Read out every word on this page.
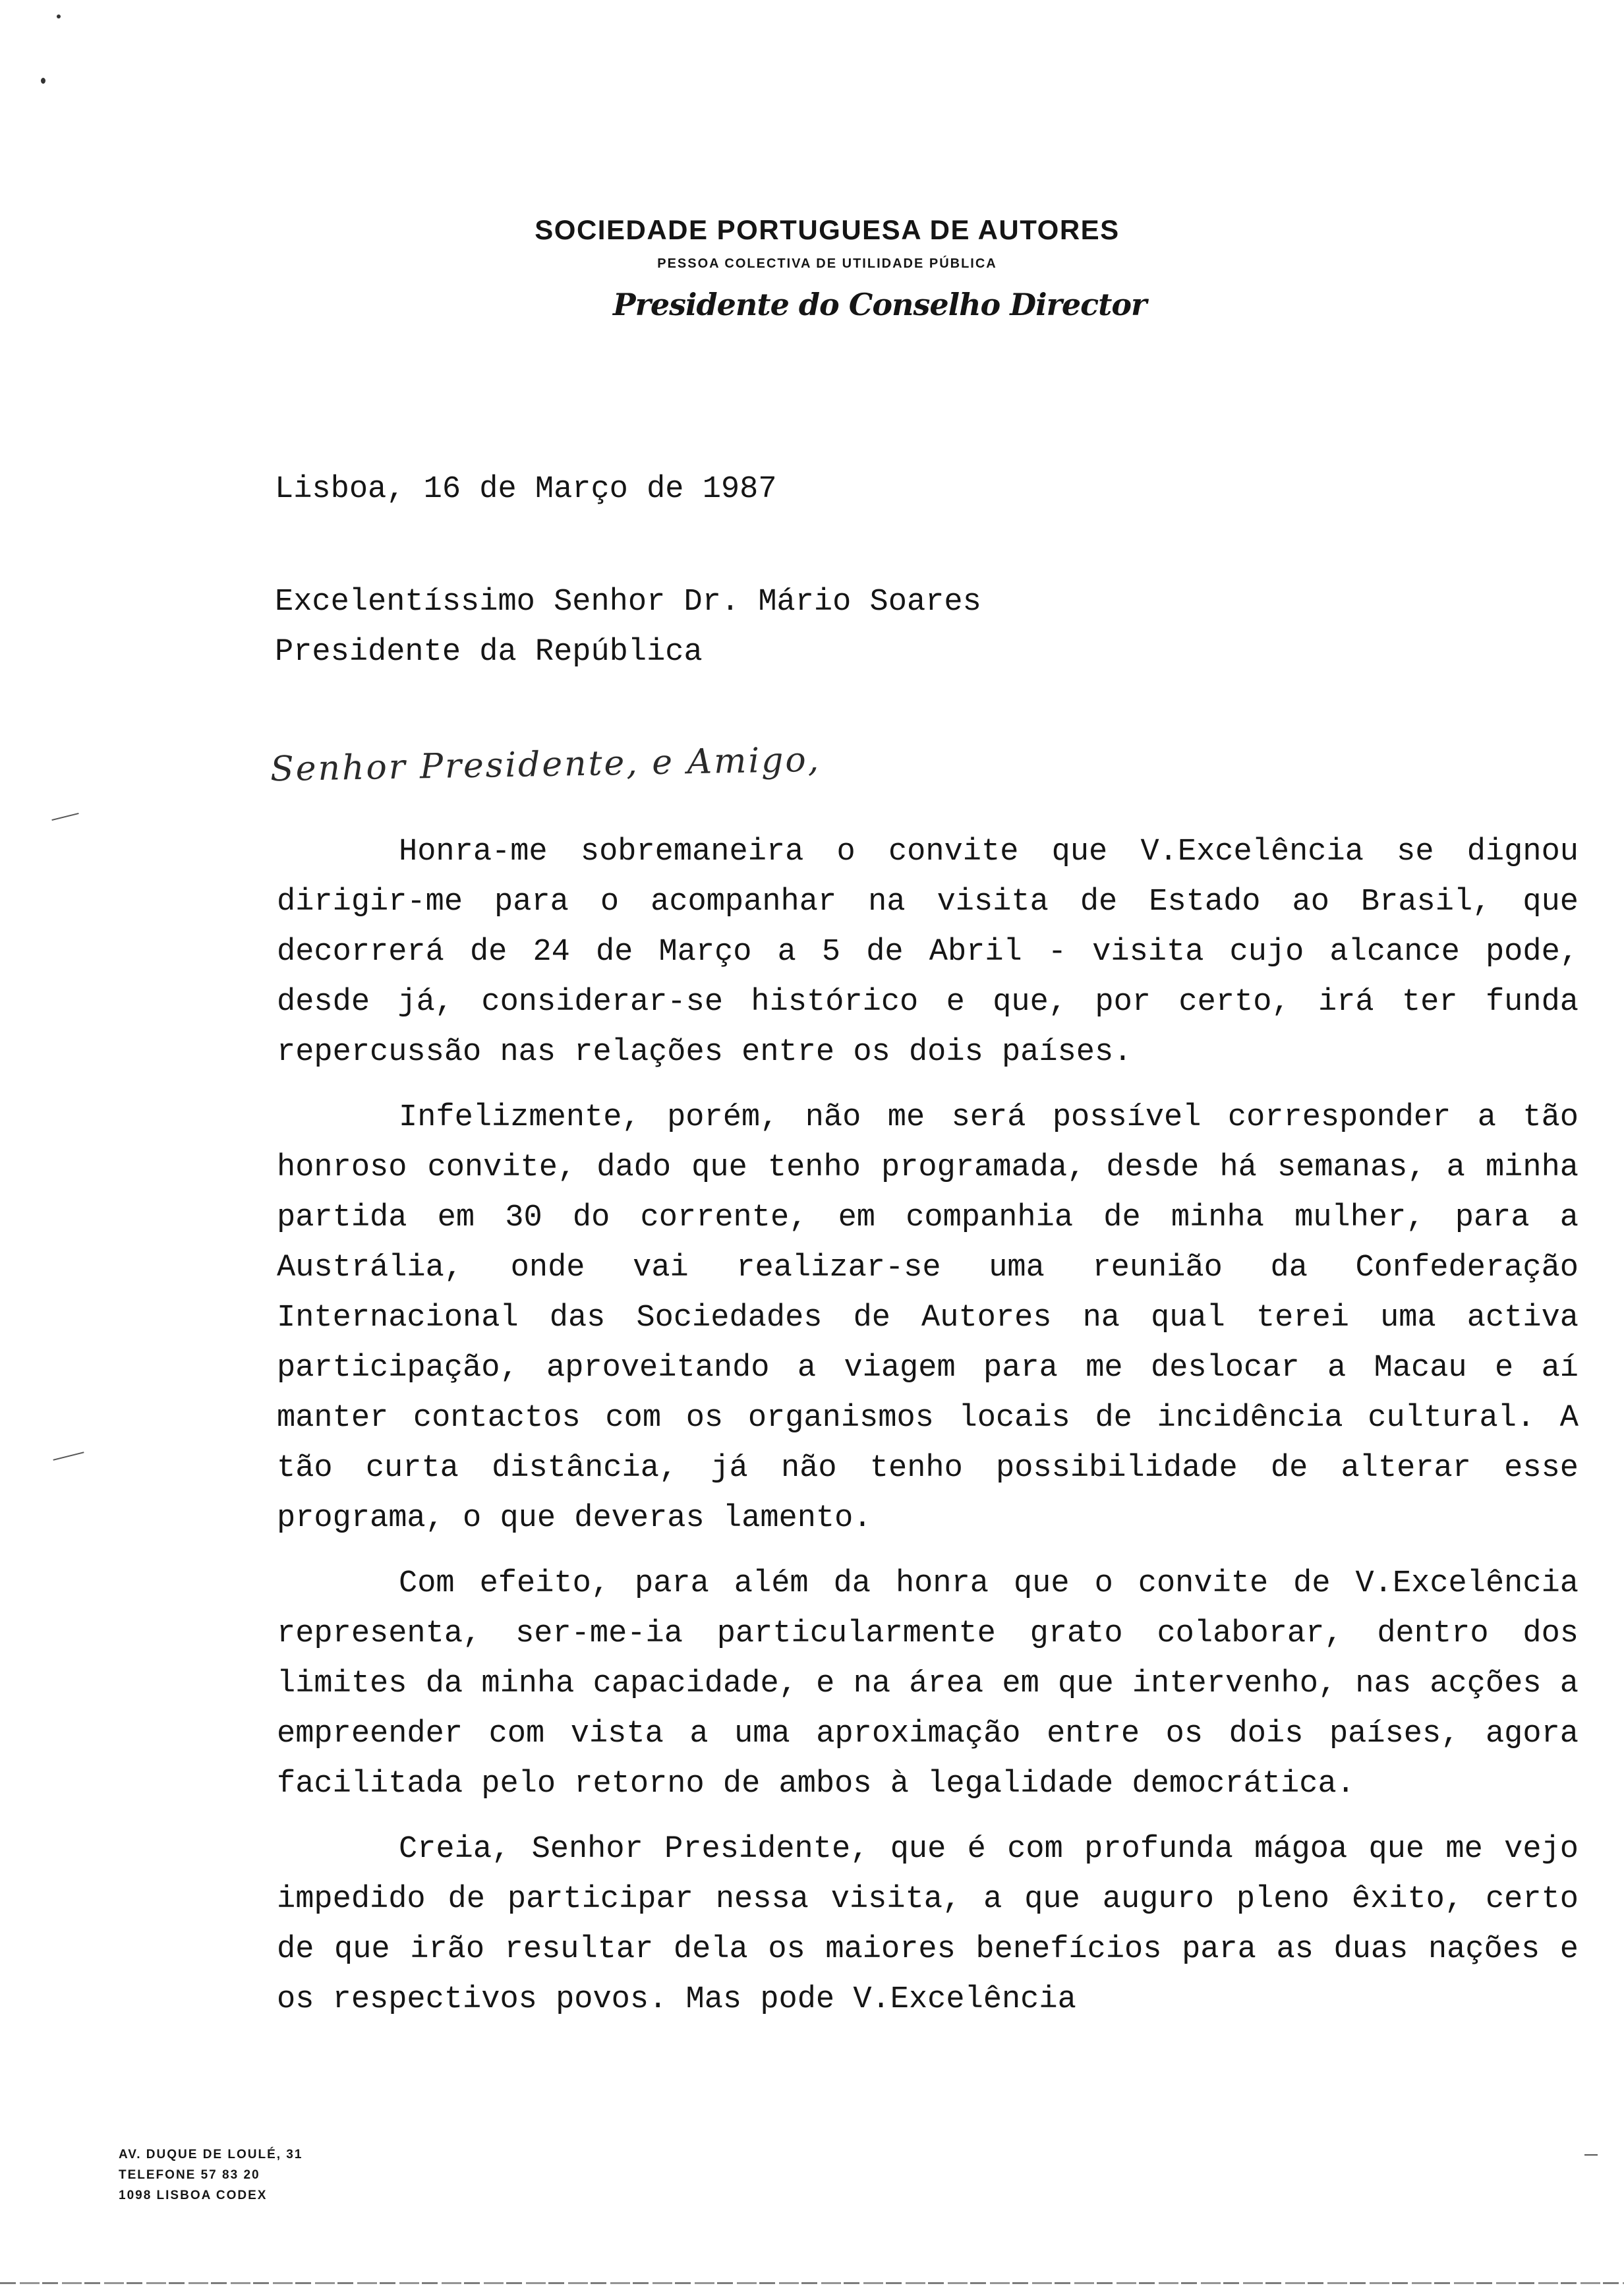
SOCIEDADE PORTUGUESA DE AUTORES
PESSOA COLECTIVA DE UTILIDADE PÚBLICA
Presidente do Conselho Director
Lisboa, 16 de Março de 1987
Excelentíssimo Senhor Dr. Mário Soares
Presidente da República
Senhor Presidente, e Amigo,

Honra-me sobremaneira o convite que V.Excelência se dignou dirigir-me para o acompanhar na visita de Estado ao Brasil, que decorrerá de 24 de Março a 5 de Abril - visita cujo alcance pode, desde já, considerar-se histórico e que, por certo, irá ter funda repercussão nas relações entre os dois países.

Infelizmente, porém, não me será possível corresponder a tão honroso convite, dado que tenho programada, desde há semanas, a minha partida em 30 do corrente, em companhia de minha mulher, para a Austrália, onde vai realizar-se uma reunião da Confederação Internacional das Sociedades de Autores na qual terei uma activa participação, aproveitando a viagem para me deslocar a Macau e aí manter contactos com os organismos locais de incidência cultural. A tão curta distância, já não tenho possibilidade de alterar esse programa, o que deveras lamento.

Com efeito, para além da honra que o convite de V.Excelência representa, ser-me-ia particularmente grato colaborar, dentro dos limites da minha capacidade, e na área em que intervenho, nas acções a empreender com vista a uma aproximação entre os dois países, agora facilitada pelo retorno de ambos à legalidade democrática.

Creia, Senhor Presidente, que é com profunda mágoa que me vejo impedido de participar nessa visita, a que auguro pleno êxito, certo de que irão resultar dela os maiores benefícios para as duas nações e os respectivos povos. Mas pode V.Excelência

AV. DUQUE DE LOULÉ, 31
TELEFONE 57 83 20
1098 LISBOA CODEX
